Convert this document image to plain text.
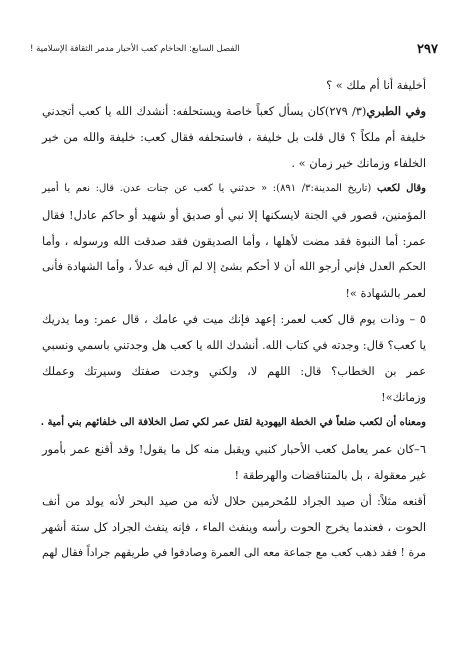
٢٩٧
الفصل السابع: الحاخام كعب الأحبار مدمر الثقافة الإسلامية !
أخليفة أنا أم ملك » ؟
وفي الطبري(٣/ ٢٧٩)كان يسأل كعباً خاصة ويستحلفه: أنشدك الله يا كعب أتجدني
خليفة أم ملكاً ؟ قال قلت بل خليفة ، فاستحلفه فقال كعب: خليفة والله من خير
الخلفاء وزمانك خير زمان » .
وقال لكعب (تاريخ المدينة:٣/ ٨٩١): « حدثني يا كعب عن جنات عدن. قال: نعم يا أمير
المؤمنين، قصور في الجنة لايسكنها إلا نبي أو صديق أو شهيد أو حاكم عادل! فقال
عمر: أما النبوة فقد مضت لأهلها ، وأما الصديقون فقد صدقت الله ورسوله ، وأما
الحكم العدل فإني أرجو الله أن لا أحكم بشئ إلا لم آل فيه عدلاً ، وأما الشهادة فأنى
لعمر بالشهادة »!
٥ – وذات يوم قال كعب لعمر: إعهد فإنك ميت في عامك ، قال عمر: وما يدريك
يا كعب؟ قال: وجدته في كتاب الله. أنشدك الله يا كعب هل وجدتني باسمي ونسبي
عمر بن الخطاب؟ قال: اللهم لا، ولكني وجدت صفتك وسيرتك وعملك
وزمانك»!
ومعناه أن لكعب ضلعاً في الخطة اليهودية لقتل عمر لكي تصل الخلافة الى خلفائهم بني أمية .
٦–كان عمر يعامل كعب الأحبار كنبي ويقبل منه كل ما يقول! وقد أقنع عمر بأمور
غير معقولة ، بل بالمتناقضات والهرطقة !
أقنعه مثلاً: أن صيد الجراد للمُحرمين حلال لأنه من صيد البحر لأنه يولد من أنف
الحوت ، فعندما يخرج الحوت رأسه وينفث الماء ، فإنه ينفث الجراد كل ستة أشهر
مرة ! فقد ذهب كعب مع جماعة معه الى العمرة وصادفوا في طريقهم جراداً فقال لهم
